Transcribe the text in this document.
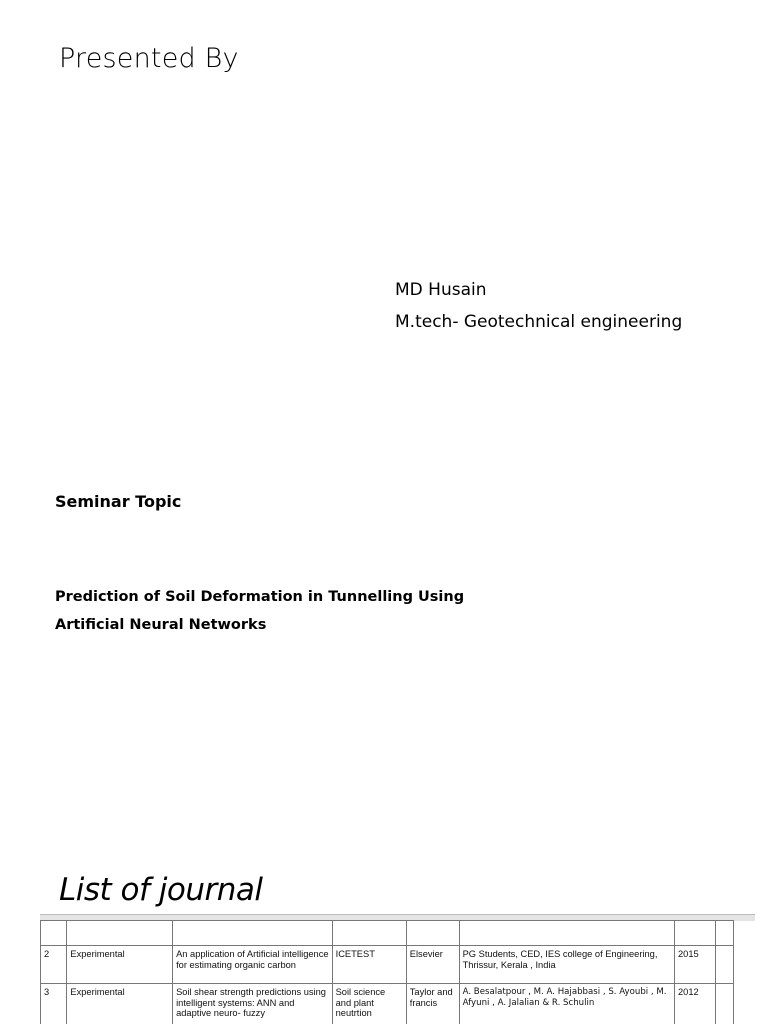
Presented By
MD Husain
M.tech- Geotechnical engineering
Seminar Topic
Prediction of Soil Deformation in Tunnelling Using
Artificial Neural Networks
List of journal

2	Experimental	An application of Artificial intelligence for estimating organic carbon	ICETEST	Elsevier	PG Students, CED, IES college of Engineering, Thrissur, Kerala , India	2015	
3	Experimental	Soil shear strength predictions using intelligent systems: ANN and adaptive neuro- fuzzy	Soil science and plant neutrtion	Taylor and francis	A. Besalatpour , M. A. Hajabbasi , S. Ayoubi , M. Afyuni , A. Jalalian & R. Schulin	2012	
